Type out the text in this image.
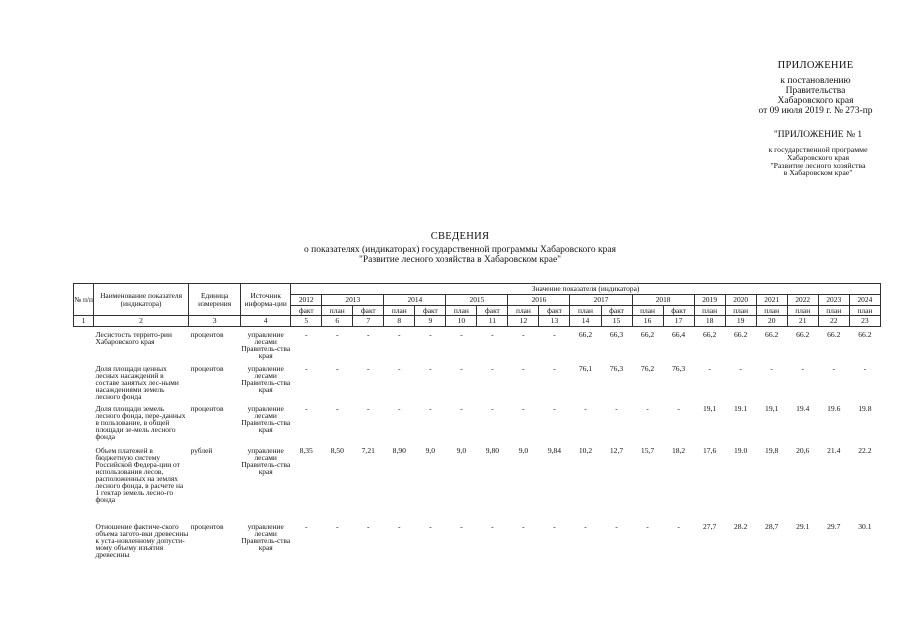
ПРИЛОЖЕНИЕ
к постановлению
Правительства
Хабаровского края
от 09 июля 2019 г. № 273-пр
"ПРИЛОЖЕНИЕ № 1
к государственной программе
Хабаровского края
"Развитие лесного хозяйства
в Хабаровском крае"
СВЕДЕНИЯ
о показателях (индикаторах) государственной программы Хабаровского края
"Развитие лесного хозяйства в Хабаровском крае"
№ п/п	Наименование показателя (индикатора)	Единица измерения	Источник информа-ции	Значение показателя (индикатора)																		
				2012	2013		2014		2015		2016		2017		2018		2019	2020	2021	2022	2023	2024
				факт	план	факт	план	факт	план	факт	план	факт	план	факт	план	факт	план	план	план	план	план	план
1	2	3	4	5	6	7	8	9	10	11	12	13	14	15	16	17	18	19	20	21	22	23
	Лесистость террито-рии Хабаровского края	процентов	управление лесами Правитель-ства края	-	-	-	-	-	-	-	-	-	66,2	66,3	66,2	66,4	66,2	66.2	66.2	66.2	66.2	66.2
	Доля площади ценных лесных насаждений в составе занятых лес-ными насаждениями земель лесного фонда	процентов	управление лесами Правитель-ства края	-	-	-	-	-	-	-	-	-	76,1	76,3	76,2	76,3	-	-	-	-	-	-
	Доля площади земель лесного фонда, пере-данных в пользование, в общей площади зе-мель лесного фонда	процентов	управление лесами Правитель-ства края	-	-	-	-	-	-	-	-	-	-	-	-	-	19,1	19.1	19,1	19.4	19.6	19.8
	Объем платежей в бюджетную систему Российской Федера-ции от использования лесов, расположенных на землях лесного фонда, в расчете на 1 гектар земель лесно-го фонда	рублей	управление лесами Правитель-ства края	8,35	8,50	7,21	8,90	9,0	9,0	9,80	9,0	9,84	10,2	12,7	15,7	18,2	17,6	19.0	19,8	20,6	21.4	22.2
	Отношение фактиче-ского объема загото-вки древесины к уста-новленному допусти-мому объему изъятия древесины	процентов	управление лесами Правитель-ства края	-	-	-	-	-	-	-	-	-	-	-	-	-	27,7	28.2	28,7	29.1	29.7	30.1
